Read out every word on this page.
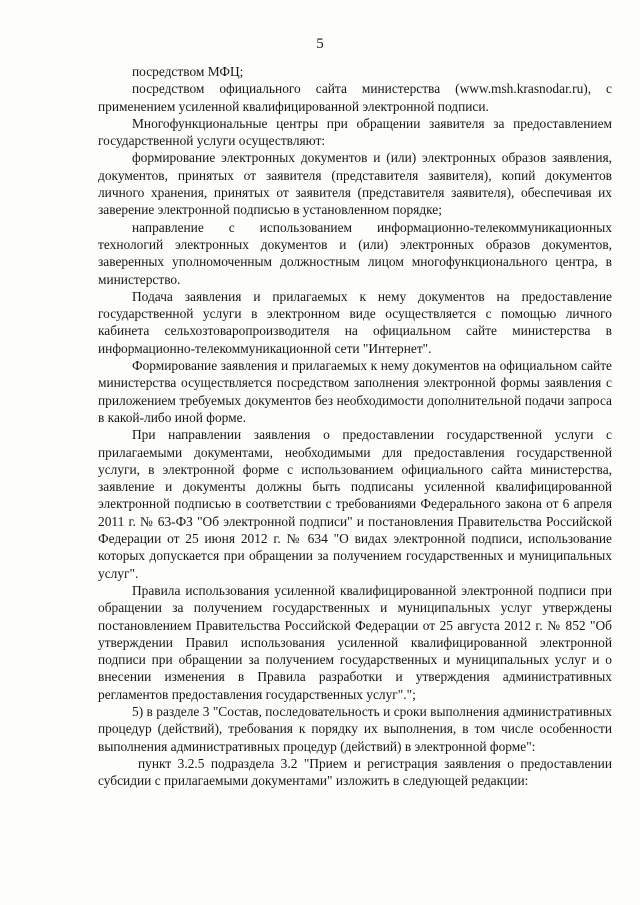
5

посредством МФЦ;

посредством официального сайта министерства (www.msh.krasnodar.ru), с применением усиленной квалифицированной электронной подписи.

Многофункциональные центры при обращении заявителя за предоставлением государственной услуги осуществляют:

формирование электронных документов и (или) электронных образов заявления, документов, принятых от заявителя (представителя заявителя), копий документов личного хранения, принятых от заявителя (представителя заявителя), обеспечивая их заверение электронной подписью в установленном порядке;

направление с использованием информационно-телекоммуникационных технологий электронных документов и (или) электронных образов документов, заверенных уполномоченным должностным лицом многофункционального центра, в министерство.

Подача заявления и прилагаемых к нему документов на предоставление государственной услуги в электронном виде осуществляется с помощью личного кабинета сельхозтоваропроизводителя на официальном сайте министерства в информационно-телекоммуникационной сети "Интернет".

Формирование заявления и прилагаемых к нему документов на официальном сайте министерства осуществляется посредством заполнения электронной формы заявления с приложением требуемых документов без необходимости дополнительной подачи запроса в какой-либо иной форме.

При направлении заявления о предоставлении государственной услуги с прилагаемыми документами, необходимыми для предоставления государственной услуги, в электронной форме с использованием официального сайта министерства, заявление и документы должны быть подписаны усиленной квалифицированной электронной подписью в соответствии с требованиями Федерального закона от 6 апреля 2011 г. № 63-ФЗ "Об электронной подписи" и постановления Правительства Российской Федерации от 25 июня 2012 г. № 634 "О видах электронной подписи, использование которых допускается при обращении за получением государственных и муниципальных услуг".

Правила использования усиленной квалифицированной электронной подписи при обращении за получением государственных и муниципальных услуг утверждены постановлением Правительства Российской Федерации от 25 августа 2012 г. № 852 "Об утверждении Правил использования усиленной квалифицированной электронной подписи при обращении за получением государственных и муниципальных услуг и о внесении изменения в Правила разработки и утверждения административных регламентов предоставления государственных услуг".";

5) в разделе 3 "Состав, последовательность и сроки выполнения административных процедур (действий), требования к порядку их выполнения, в том числе особенности выполнения административных процедур (действий) в электронной форме":

пункт 3.2.5 подраздела 3.2 "Прием и регистрация заявления о предоставлении субсидии с прилагаемыми документами" изложить в следующей редакции:
